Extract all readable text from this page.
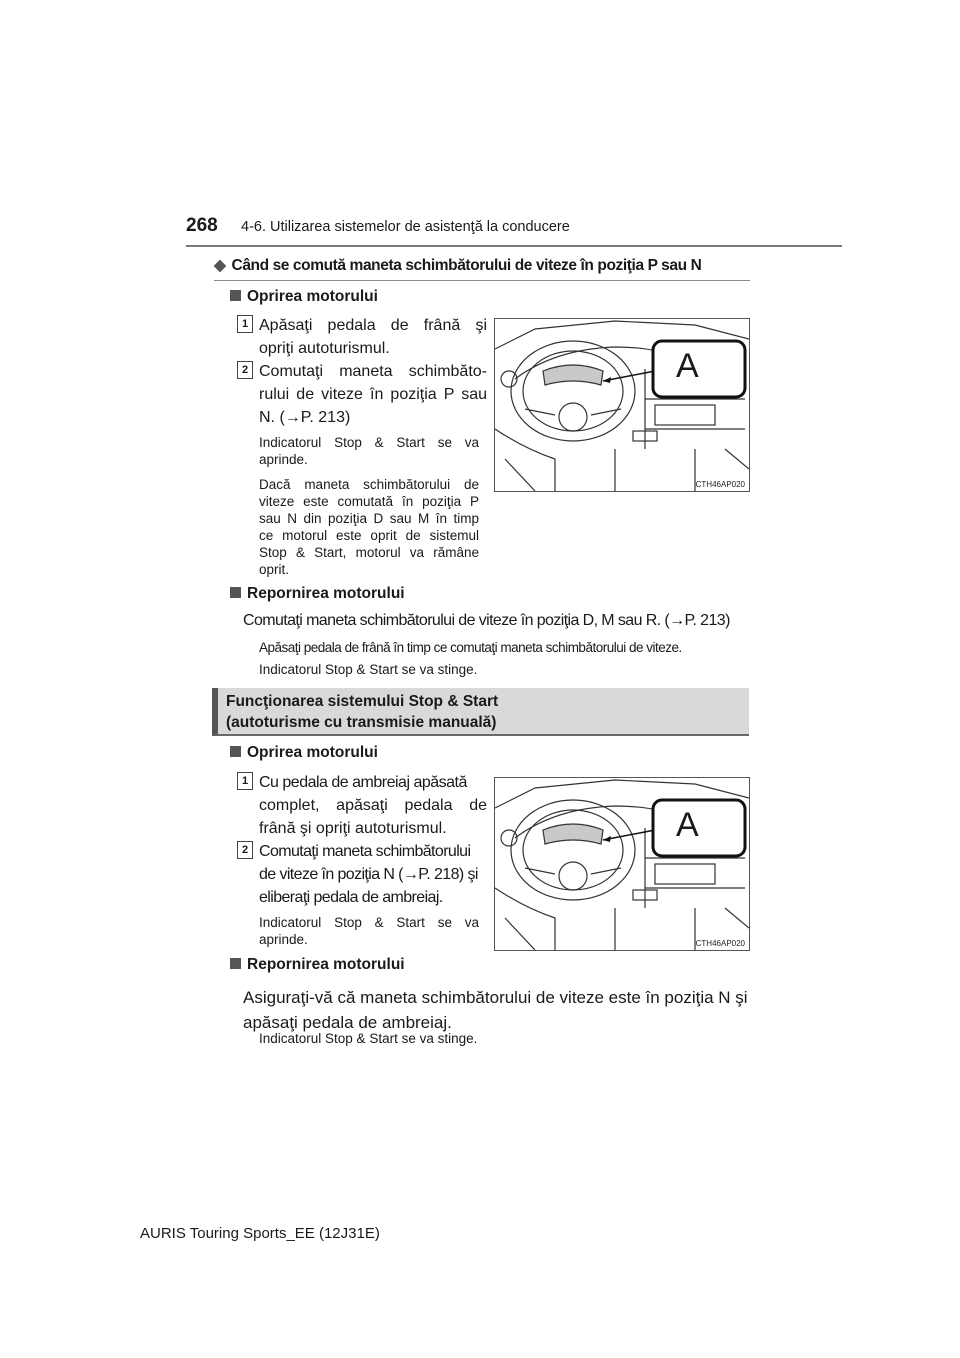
268 4-6. Utilizarea sistemelor de asistenţă la conducere
◆ Când se comută maneta schimbătorului de viteze în poziţia P sau N
Oprirea motorului
1 Apăsaţi pedala de frână şi
opriţi autoturismul.
2 Comutaţi maneta schimbăto-
rului de viteze în poziţia P sau
N. (→P. 213)
Indicatorul Stop & Start se va
aprinde.
Dacă maneta schimbătorului de
viteze este comutată în poziţia P
sau N din poziţia D sau M în timp
ce motorul este oprit de sistemul
Stop & Start, motorul va rămâne
oprit.
A
CTH46AP020
Repornirea motorului
Comutaţi maneta schimbătorului de viteze în poziţia D, M sau R. (→P. 213)
Apăsaţi pedala de frână în timp ce comutaţi maneta schimbătorului de viteze.
Indicatorul Stop & Start se va stinge.
Funcţionarea sistemului Stop & Start
(autoturisme cu transmisie manuală)
Oprirea motorului
1 Cu pedala de ambreiaj apăsată
complet, apăsaţi pedala de
frână şi opriţi autoturismul.
2 Comutaţi maneta schimbătorului
de viteze în poziţia N (→P. 218) şi
eliberaţi pedala de ambreiaj.
Indicatorul Stop & Start se va
aprinde.
A
CTH46AP020
Repornirea motorului
Asiguraţi-vă că maneta schimbătorului de viteze este în poziţia N şi
apăsaţi pedala de ambreiaj.
Indicatorul Stop & Start se va stinge.
AURIS Touring Sports_EE (12J31E)
